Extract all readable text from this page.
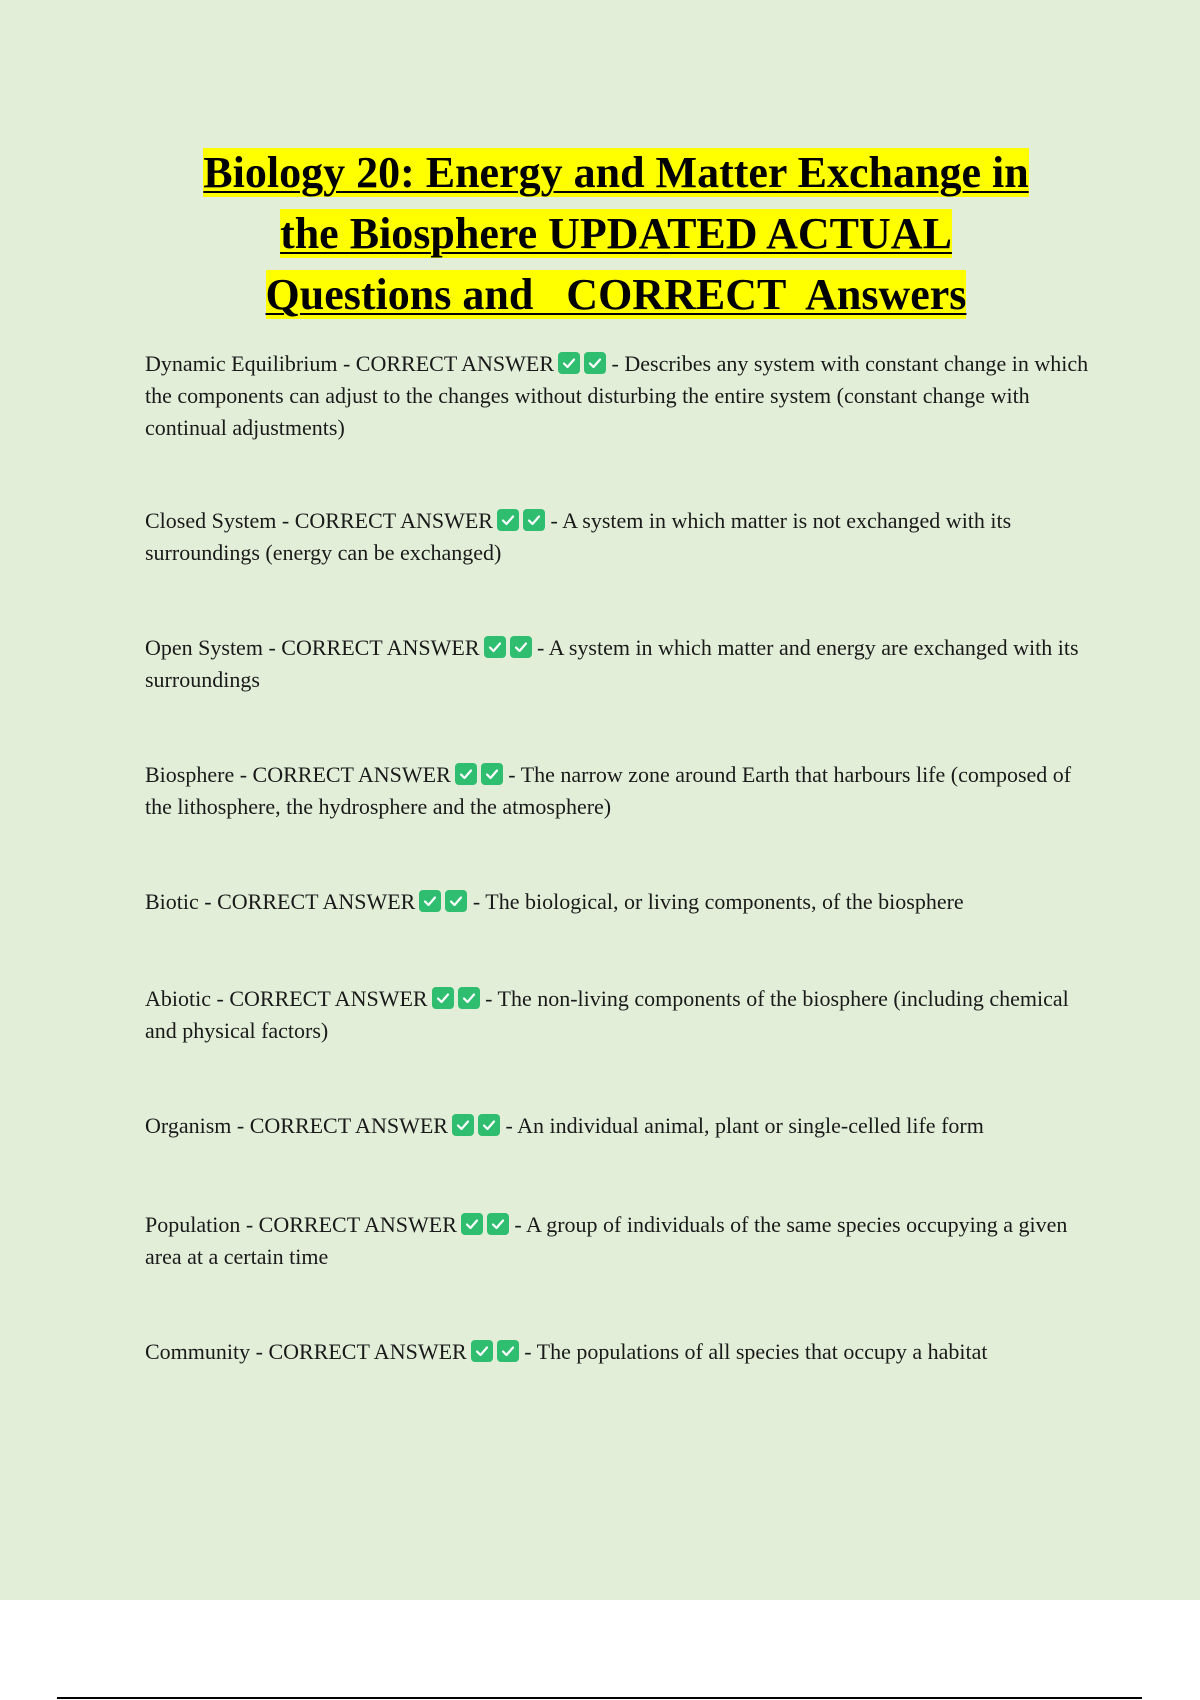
Biology 20: Energy and Matter Exchange in
the Biosphere UPDATED ACTUAL
Questions and   CORRECT  Answers
Dynamic Equilibrium - CORRECT ANSWER
- Describes any system with constant change in which the components can adjust to the changes without disturbing the entire system (constant change with continual adjustments)
Closed System - CORRECT ANSWER
- A system in which matter is not exchanged with its surroundings (energy can be exchanged)
Open System - CORRECT ANSWER
- A system in which matter and energy are exchanged with its surroundings
Biosphere - CORRECT ANSWER
- The narrow zone around Earth that harbours life (composed of the lithosphere, the hydrosphere and the atmosphere)
Biotic - CORRECT ANSWER
- The biological, or living components, of the biosphere
Abiotic - CORRECT ANSWER
- The non-living components of the biosphere (including chemical and physical factors)
Organism - CORRECT ANSWER
- An individual animal, plant or single-celled life form
Population - CORRECT ANSWER
- A group of individuals of the same species occupying a given area at a certain time
Community - CORRECT ANSWER
- The populations of all species that occupy a habitat
